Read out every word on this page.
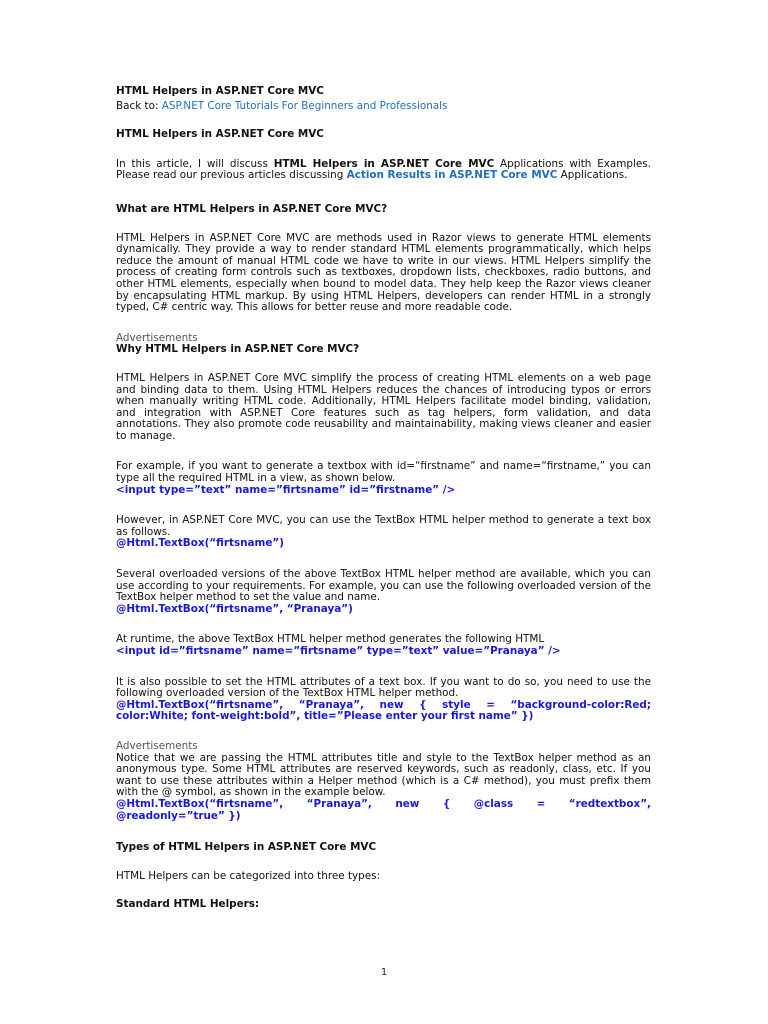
HTML Helpers in ASP.NET Core MVC

Back to: ASP.NET Core Tutorials For Beginners and Professionals

HTML Helpers in ASP.NET Core MVC

In this article, I will discuss HTML Helpers in ASP.NET Core MVC Applications with Examples. Please read our previous articles discussing Action Results in ASP.NET Core MVC Applications.

What are HTML Helpers in ASP.NET Core MVC?

HTML Helpers in ASP.NET Core MVC are methods used in Razor views to generate HTML elements dynamically. They provide a way to render standard HTML elements programmatically, which helps reduce the amount of manual HTML code we have to write in our views. HTML Helpers simplify the process of creating form controls such as textboxes, dropdown lists, checkboxes, radio buttons, and other HTML elements, especially when bound to model data. They help keep the Razor views cleaner by encapsulating HTML markup. By using HTML Helpers, developers can render HTML in a strongly typed, C# centric way. This allows for better reuse and more readable code.

Advertisements

Why HTML Helpers in ASP.NET Core MVC?

HTML Helpers in ASP.NET Core MVC simplify the process of creating HTML elements on a web page and binding data to them. Using HTML Helpers reduces the chances of introducing typos or errors when manually writing HTML code. Additionally, HTML Helpers facilitate model binding, validation, and integration with ASP.NET Core features such as tag helpers, form validation, and data annotations. They also promote code reusability and maintainability, making views cleaner and easier to manage.

For example, if you want to generate a textbox with id=“firstname” and name=“firstname,” you can type all the required HTML in a view, as shown below.

<input type=”text” name=”firtsname” id=”firstname” />

However, in ASP.NET Core MVC, you can use the TextBox HTML helper method to generate a text box as follows.

@Html.TextBox(“firtsname”)

Several overloaded versions of the above TextBox HTML helper method are available, which you can use according to your requirements. For example, you can use the following overloaded version of the TextBox helper method to set the value and name.

@Html.TextBox(“firtsname”, “Pranaya”)

At runtime, the above TextBox HTML helper method generates the following HTML

<input id=”firtsname” name=”firtsname” type=”text” value=”Pranaya” />

It is also possible to set the HTML attributes of a text box. If you want to do so, you need to use the following overloaded version of the TextBox HTML helper method.

@Html.TextBox(“firtsname”, “Pranaya”, new { style = “background-color:Red;

color:White; font-weight:bold”, title=”Please enter your first name” })

Advertisements

Notice that we are passing the HTML attributes title and style to the TextBox helper method as an anonymous type. Some HTML attributes are reserved keywords, such as readonly, class, etc. If you want to use these attributes within a Helper method (which is a C# method), you must prefix them with the @ symbol, as shown in the example below.

@Html.TextBox(“firtsname”, “Pranaya”, new { @class = “redtextbox”,

@readonly=”true” })

Types of HTML Helpers in ASP.NET Core MVC

HTML Helpers can be categorized into three types:

Standard HTML Helpers:

1
